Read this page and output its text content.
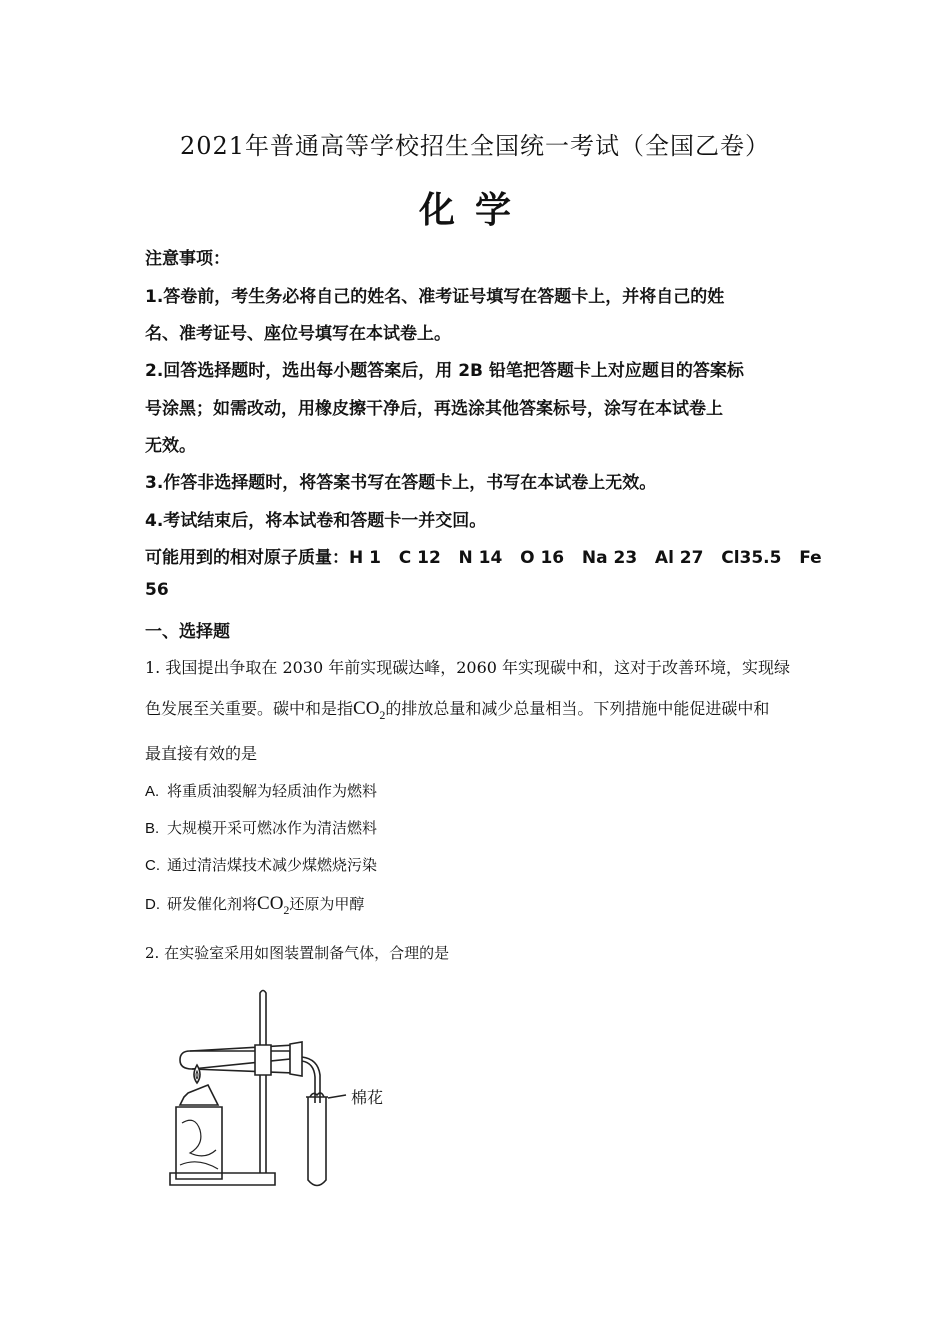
2021年普通高等学校招生全国统一考试（全国乙卷）
化学
注意事项：
1.答卷前，考生务必将自己的姓名、准考证号填写在答题卡上，并将自己的姓
名、准考证号、座位号填写在本试卷上。
2.回答选择题时，选出每小题答案后，用 2B 铅笔把答题卡上对应题目的答案标
号涂黑；如需改动，用橡皮擦干净后，再选涂其他答案标号，涂写在本试卷上
无效。
3.作答非选择题时，将答案书写在答题卡上，书写在本试卷上无效。
4.考试结束后，将本试卷和答题卡一并交回。
可能用到的相对原子质量：H 1   C 12   N 14   O 16   Na 23   Al 27   Cl35.5   Fe
56
一、选择题
1. 我国提出争取在 2030 年前实现碳达峰，2060 年实现碳中和，这对于改善环境，实现绿
色发展至关重要。碳中和是指$CO_2$的排放总量和减少总量相当。下列措施中能促进碳中和
最直接有效的是
A. 将重质油裂解为轻质油作为燃料
B. 大规模开采可燃冰作为清洁燃料
C. 通过清洁煤技术减少煤燃烧污染
D. 研发催化剂将$CO_2$还原为甲醇
2. 在实验室采用如图装置制备气体，合理的是
棉花
